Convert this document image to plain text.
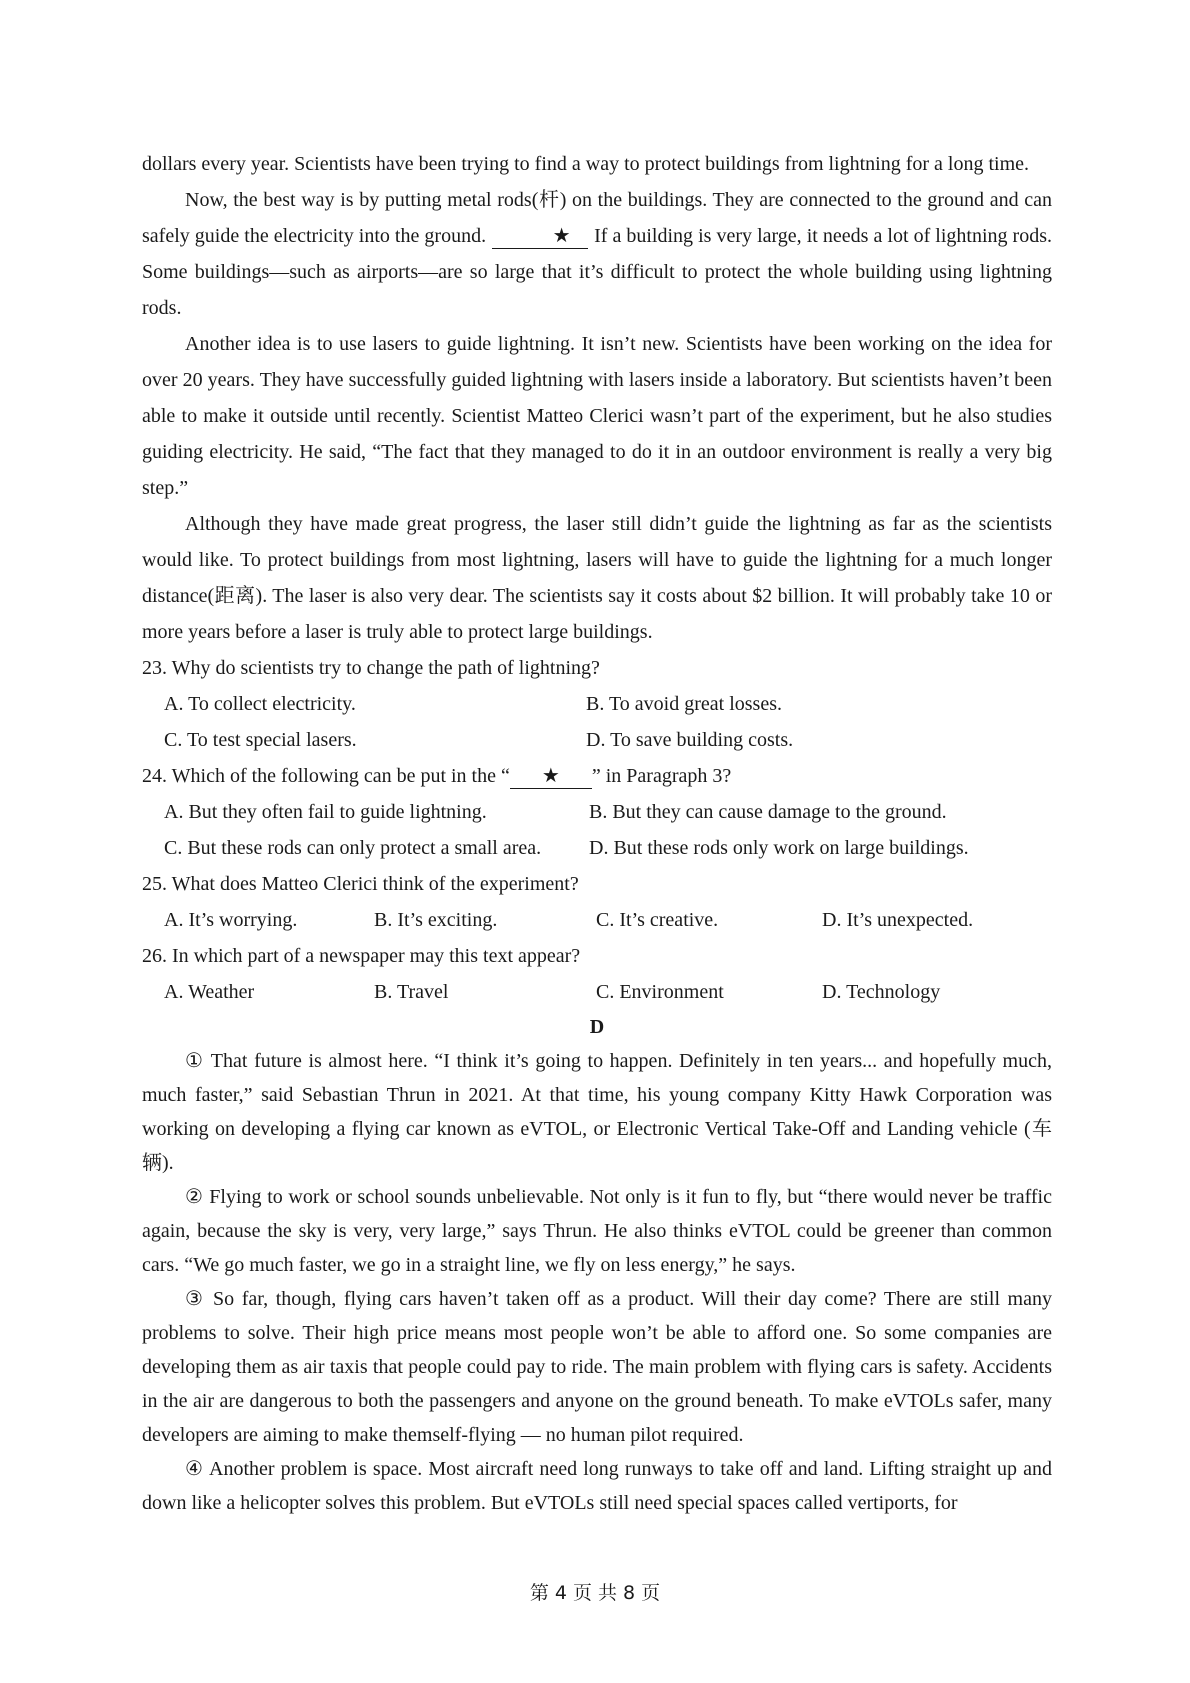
dollars every year. Scientists have been trying to find a way to protect buildings from lightning for a long time.

Now, the best way is by putting metal rods(杆) on the buildings. They are connected to the ground and can safely guide the electricity into the ground.	★ If a building is very large, it needs a lot of lightning rods. Some buildings—such as airports—are so large that it’s difficult to protect the whole building using lightning rods.

Another idea is to use lasers to guide lightning. It isn’t new. Scientists have been working on the idea for over 20 years. They have successfully guided lightning with lasers inside a laboratory. But scientists haven’t been able to make it outside until recently. Scientist Matteo Clerici wasn’t part of the experiment, but he also studies guiding electricity. He said, “The fact that they managed to do it in an outdoor environment is really a very big step.”

Although they have made great progress, the laser still didn’t guide the lightning as far as the scientists would like. To protect buildings from most lightning, lasers will have to guide the lightning for a much longer distance(距离). The laser is also very dear. The scientists say it costs about $2 billion. It will probably take 10 or more years before a laser is truly able to protect large buildings.

23. Why do scientists try to change the path of lightning?

A. To collect electricity.	B. To avoid great losses.
C. To test special lasers.	D. To save building costs.

24. Which of the following can be put in the “ ★ ” in Paragraph 3?

A. But they often fail to guide lightning.	B. But they can cause damage to the ground.
C. But these rods can only protect a small area.	D. But these rods only work on large buildings.

25. What does Matteo Clerici think of the experiment?

A. It’s worrying.	B. It’s exciting.	C. It’s creative.	D. It’s unexpected.

26. In which part of a newspaper may this text appear?

A. Weather	B. Travel	C. Environment	D. Technology

D

① That future is almost here. “I think it’s going to happen. Definitely in ten years... and hopefully much, much faster,” said Sebastian Thrun in 2021. At that time, his young company Kitty Hawk Corporation was working on developing a flying car known as eVTOL, or Electronic Vertical Take-Off and Landing vehicle (车辆).

② Flying to work or school sounds unbelievable. Not only is it fun to fly, but “there would never be traffic again, because the sky is very, very large,” says Thrun. He also thinks eVTOL could be greener than common cars. “We go much faster, we go in a straight line, we fly on less energy,” he says.

③ So far, though, flying cars haven’t taken off as a product. Will their day come? There are still many problems to solve. Their high price means most people won’t be able to afford one. So some companies are developing them as air taxis that people could pay to ride. The main problem with flying cars is safety. Accidents in the air are dangerous to both the passengers and anyone on the ground beneath. To make eVTOLs safer, many developers are aiming to make themself-flying — no human pilot required.

④ Another problem is space. Most aircraft need long runways to take off and land. Lifting straight up and down like a helicopter solves this problem. But eVTOLs still need special spaces called vertiports, for

第 4 页 共 8 页
